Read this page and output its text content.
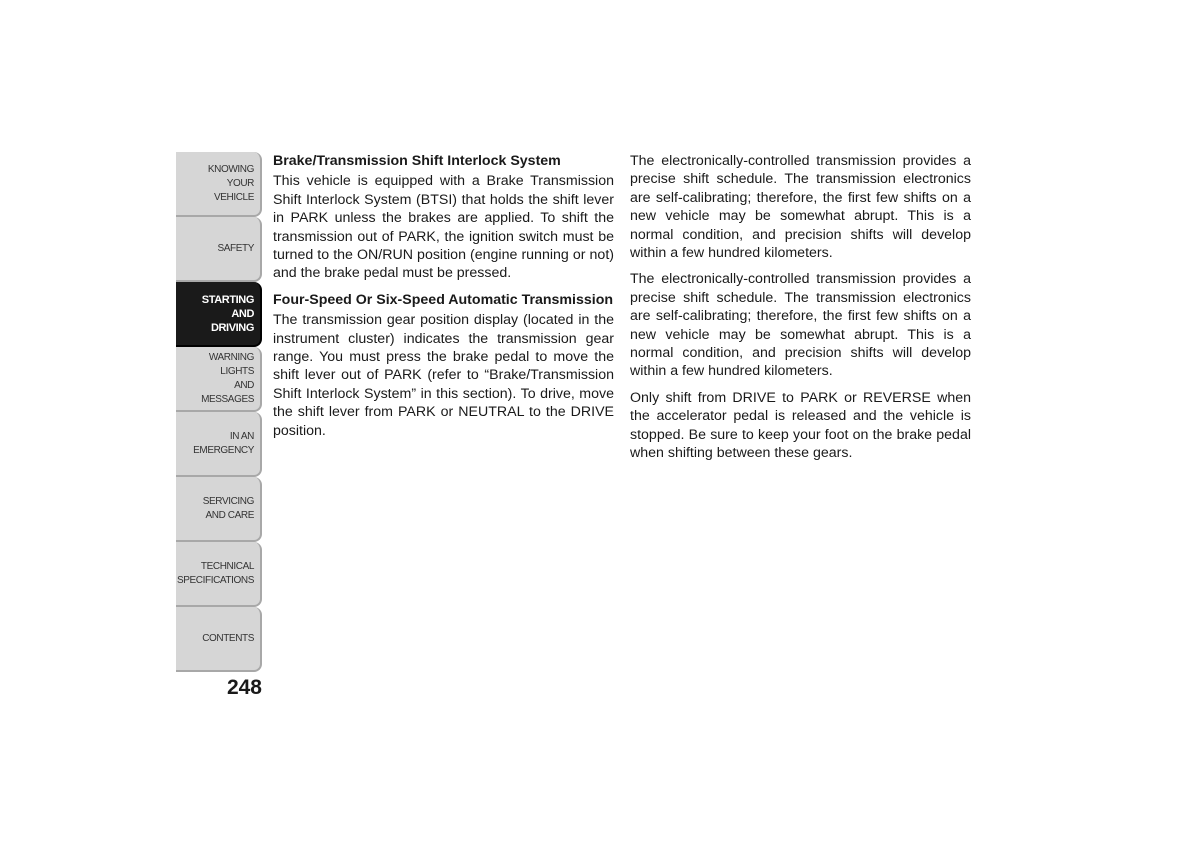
KNOWING
YOUR
VEHICLE
SAFETY
STARTING
AND
DRIVING
WARNING
LIGHTS
AND
MESSAGES
IN AN
EMERGENCY
SERVICING
AND CARE
TECHNICAL
SPECIFICATIONS
CONTENTS
248
Brake/Transmission Shift Interlock System

This vehicle is equipped with a Brake Transmission Shift Interlock System (BTSI) that holds the shift lever in PARK unless the brakes are applied. To shift the transmission out of PARK, the ignition switch must be turned to the ON/RUN position (engine running or not) and the brake pedal must be pressed.

Four-Speed Or Six-Speed Automatic Transmission

The transmission gear position display (located in the instrument cluster) indicates the transmission gear range. You must press the brake pedal to move the shift lever out of PARK (refer to “Brake/Transmission Shift Interlock System” in this section). To drive, move the shift lever from PARK or NEUTRAL to the DRIVE position.

The electronically-controlled transmission provides a precise shift schedule. The transmission electronics are self-calibrating; therefore, the first few shifts on a new vehicle may be somewhat abrupt. This is a normal condition, and precision shifts will develop within a few hundred kilometers.

The electronically-controlled transmission provides a precise shift schedule. The transmission electronics are self-calibrating; therefore, the first few shifts on a new vehicle may be somewhat abrupt. This is a normal condition, and precision shifts will develop within a few hundred kilometers.

Only shift from DRIVE to PARK or REVERSE when the accelerator pedal is released and the vehicle is stopped. Be sure to keep your foot on the brake pedal when shifting between these gears.
